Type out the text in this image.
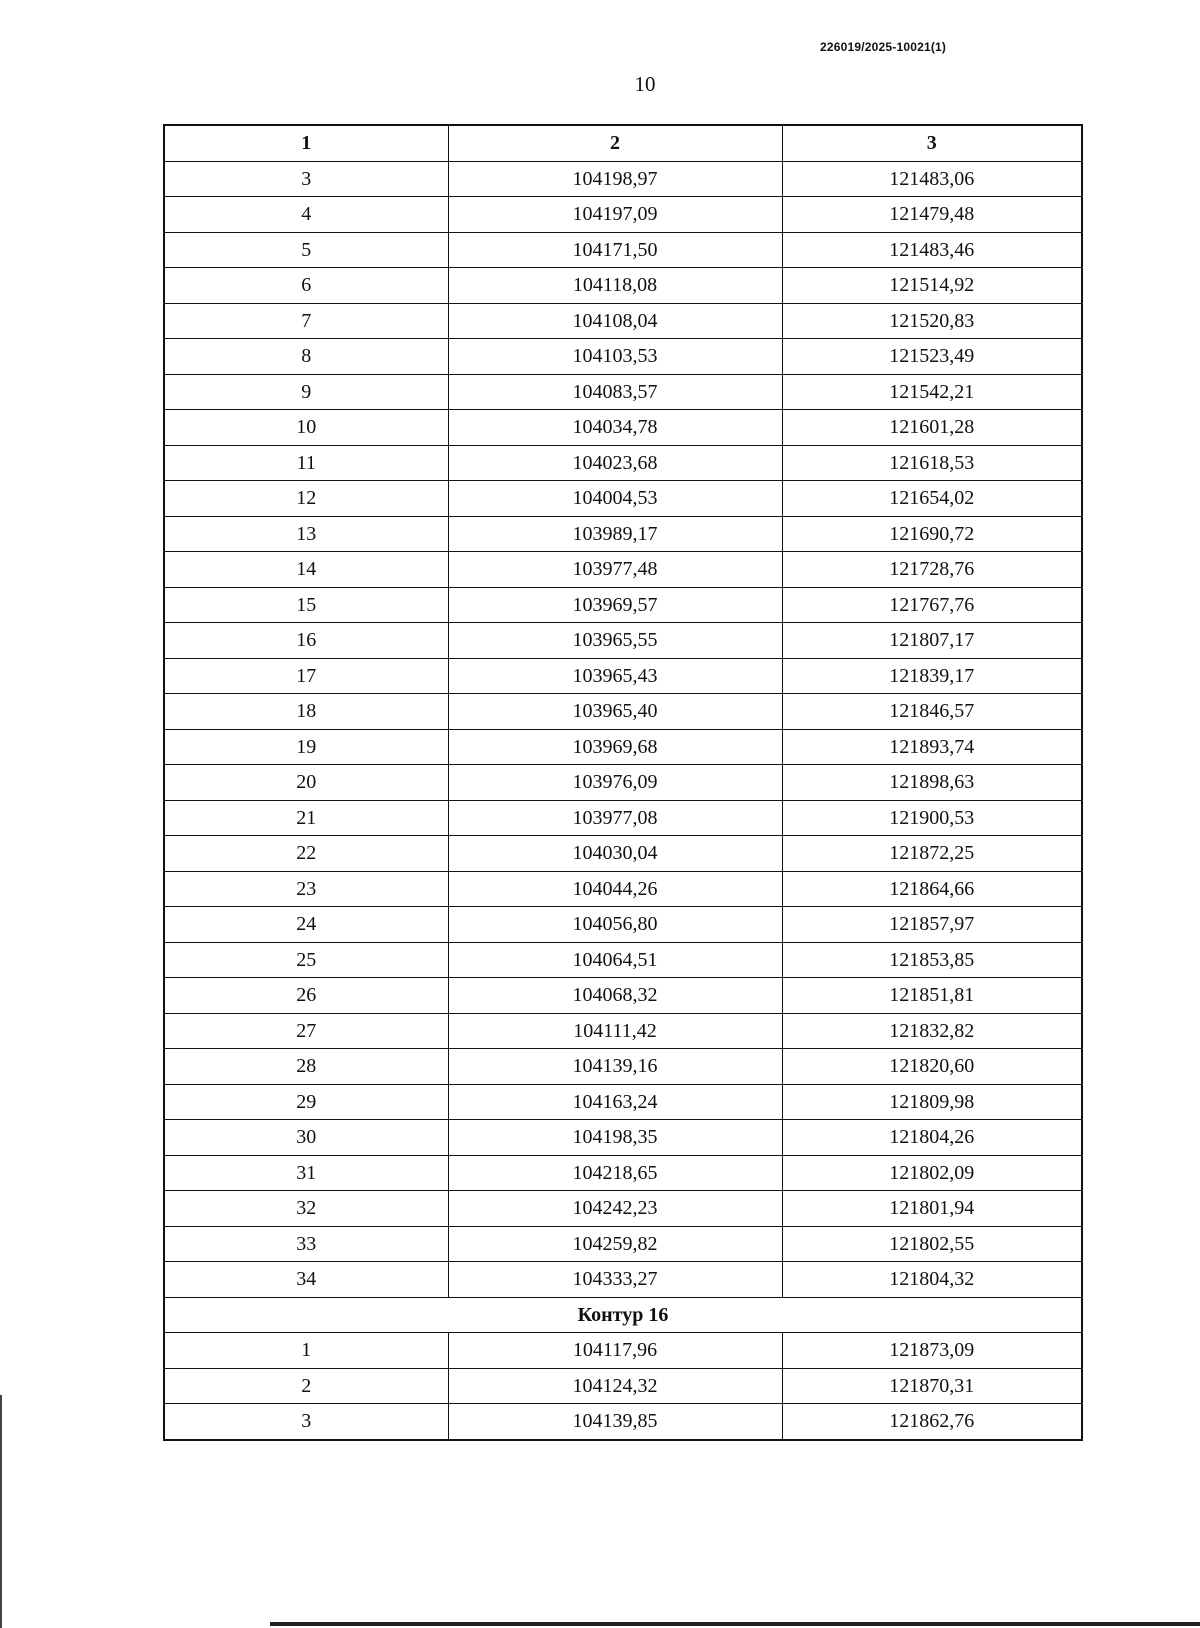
226019/2025-10021(1)
10
1	2	3
3	104198,97	121483,06
4	104197,09	121479,48
5	104171,50	121483,46
6	104118,08	121514,92
7	104108,04	121520,83
8	104103,53	121523,49
9	104083,57	121542,21
10	104034,78	121601,28
11	104023,68	121618,53
12	104004,53	121654,02
13	103989,17	121690,72
14	103977,48	121728,76
15	103969,57	121767,76
16	103965,55	121807,17
17	103965,43	121839,17
18	103965,40	121846,57
19	103969,68	121893,74
20	103976,09	121898,63
21	103977,08	121900,53
22	104030,04	121872,25
23	104044,26	121864,66
24	104056,80	121857,97
25	104064,51	121853,85
26	104068,32	121851,81
27	104111,42	121832,82
28	104139,16	121820,60
29	104163,24	121809,98
30	104198,35	121804,26
31	104218,65	121802,09
32	104242,23	121801,94
33	104259,82	121802,55
34	104333,27	121804,32
Контур 16		
1	104117,96	121873,09
2	104124,32	121870,31
3	104139,85	121862,76
